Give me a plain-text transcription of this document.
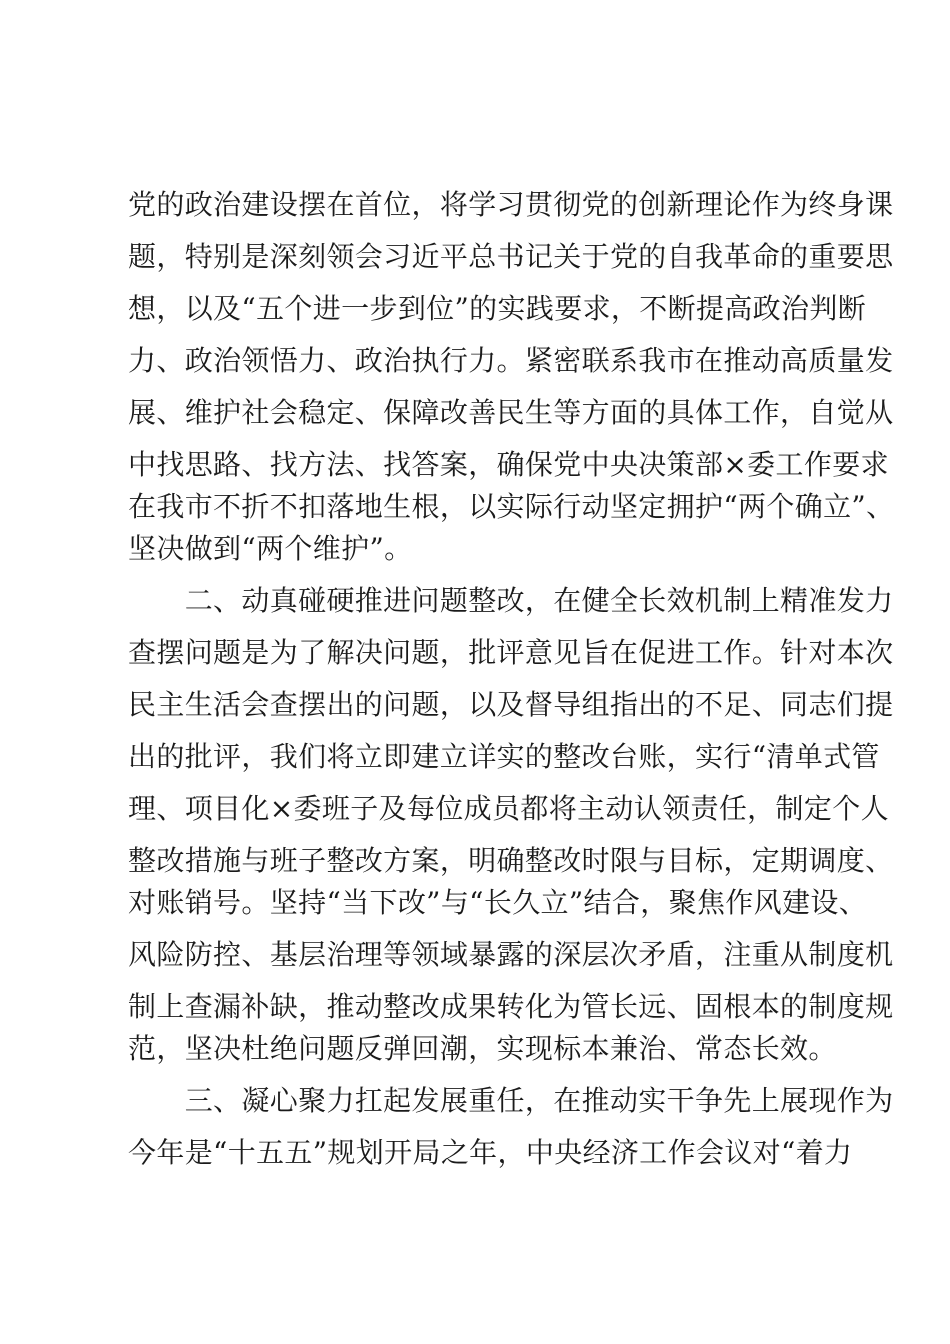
党的政治建设摆在首位，将学习贯彻党的创新理论作为终身课
题，特别是深刻领会习近平总书记关于党的自我革命的重要思
想，以及“五个进一步到位”的实践要求，不断提高政治判断
力、政治领悟力、政治执行力。紧密联系我市在推动高质量发
展、维护社会稳定、保障改善民生等方面的具体工作，自觉从
中找思路、找方法、找答案，确保党中央决策部×委工作要求
在我市不折不扣落地生根，以实际行动坚定拥护“两个确立”、
坚决做到“两个维护”。
　　二、动真碰硬推进问题整改，在健全长效机制上精准发力
查摆问题是为了解决问题，批评意见旨在促进工作。针对本次
民主生活会查摆出的问题，以及督导组指出的不足、同志们提
出的批评，我们将立即建立详实的整改台账，实行“清单式管
理、项目化×委班子及每位成员都将主动认领责任，制定个人
整改措施与班子整改方案，明确整改时限与目标，定期调度、
对账销号。坚持“当下改”与“长久立”结合，聚焦作风建设、
风险防控、基层治理等领域暴露的深层次矛盾，注重从制度机
制上查漏补缺，推动整改成果转化为管长远、固根本的制度规
范，坚决杜绝问题反弹回潮，实现标本兼治、常态长效。
　　三、凝心聚力扛起发展重任，在推动实干争先上展现作为
今年是“十五五”规划开局之年，中央经济工作会议对“着力
